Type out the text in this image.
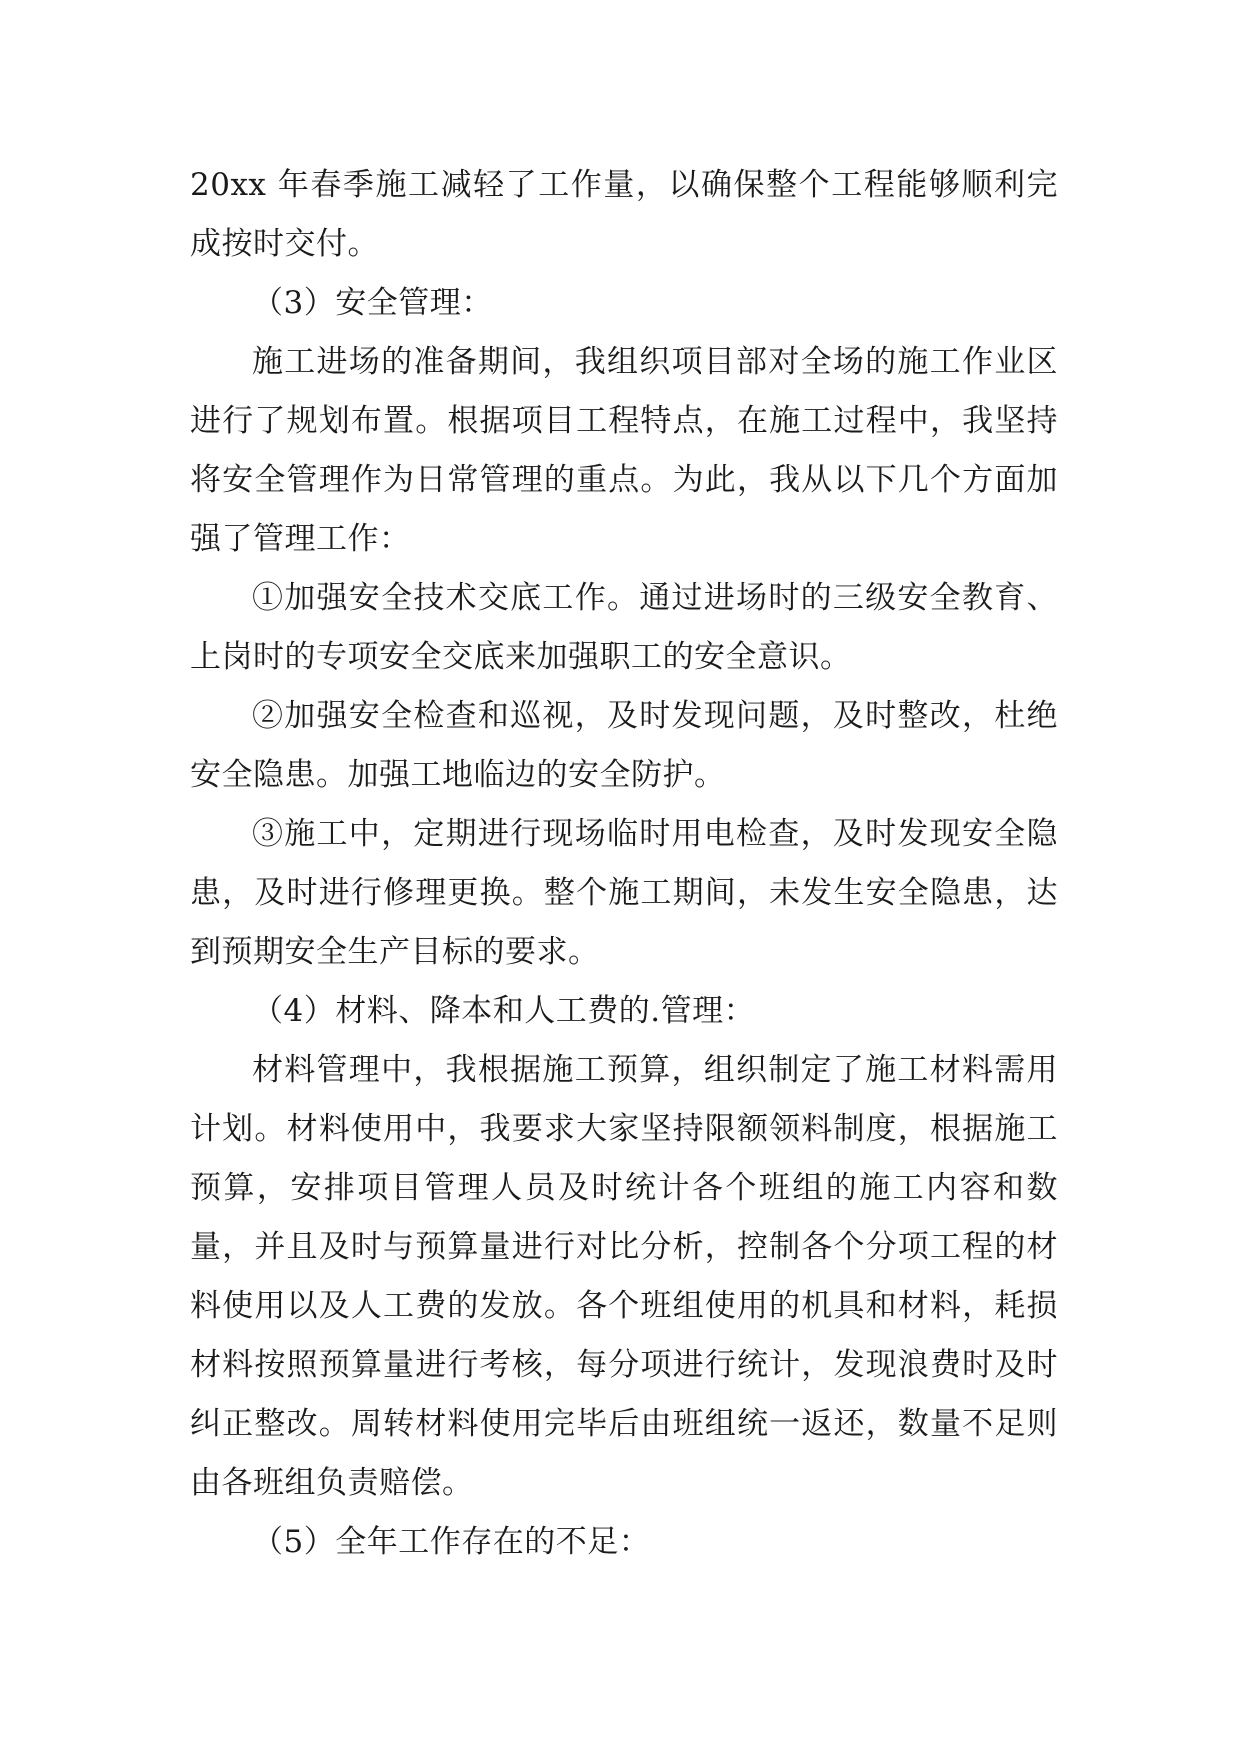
20xx 年春季施工减轻了工作量，以确保整个工程能够顺利完成按时交付。

（3）安全管理：

施工进场的准备期间，我组织项目部对全场的施工作业区进行了规划布置。根据项目工程特点，在施工过程中，我坚持将安全管理作为日常管理的重点。为此，我从以下几个方面加强了管理工作：

①加强安全技术交底工作。通过进场时的三级安全教育、上岗时的专项安全交底来加强职工的安全意识。

②加强安全检查和巡视，及时发现问题，及时整改，杜绝安全隐患。加强工地临边的安全防护。

③施工中，定期进行现场临时用电检查，及时发现安全隐患，及时进行修理更换。整个施工期间，未发生安全隐患，达到预期安全生产目标的要求。

（4）材料、降本和人工费的.管理：

材料管理中，我根据施工预算，组织制定了施工材料需用计划。材料使用中，我要求大家坚持限额领料制度，根据施工预算，安排项目管理人员及时统计各个班组的施工内容和数量，并且及时与预算量进行对比分析，控制各个分项工程的材料使用以及人工费的发放。各个班组使用的机具和材料，耗损材料按照预算量进行考核，每分项进行统计，发现浪费时及时纠正整改。周转材料使用完毕后由班组统一返还，数量不足则由各班组负责赔偿。

（5）全年工作存在的不足：
